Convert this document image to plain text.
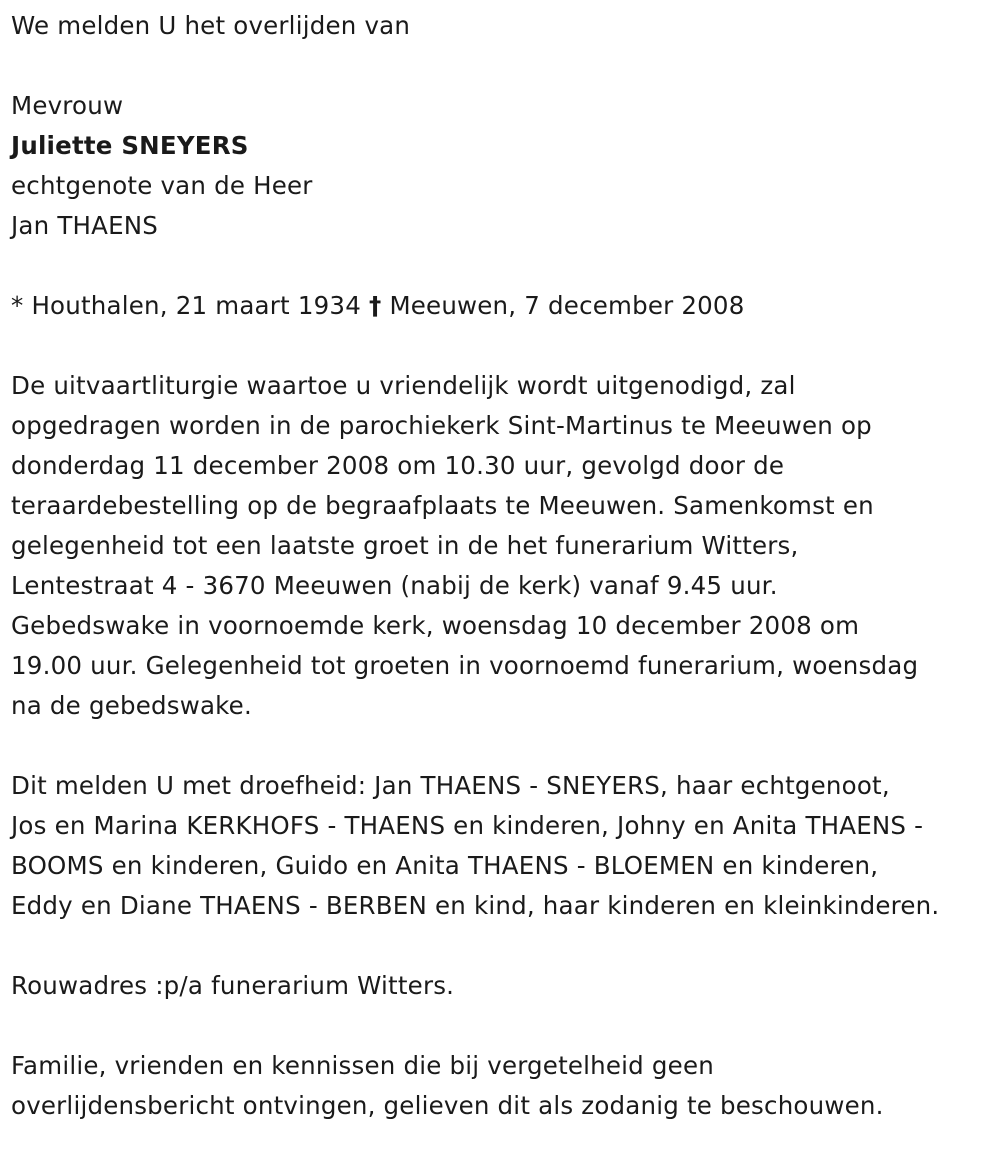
We melden U het overlijden van
Mevrouw
Juliette SNEYERS
echtgenote van de Heer
Jan THAENS
* Houthalen, 21 maart 1934 † Meeuwen, 7 december 2008
De uitvaartliturgie waartoe u vriendelijk wordt uitgenodigd, zal
opgedragen worden in de parochiekerk Sint-Martinus te Meeuwen op
donderdag 11 december 2008 om 10.30 uur, gevolgd door de
teraardebestelling op de begraafplaats te Meeuwen. Samenkomst en
gelegenheid tot een laatste groet in de het funerarium Witters,
Lentestraat 4 - 3670 Meeuwen (nabij de kerk) vanaf 9.45 uur.
Gebedswake in voornoemde kerk, woensdag 10 december 2008 om
19.00 uur. Gelegenheid tot groeten in voornoemd funerarium, woensdag
na de gebedswake.
Dit melden U met droefheid: Jan THAENS - SNEYERS, haar echtgenoot,
Jos en Marina KERKHOFS - THAENS en kinderen, Johny en Anita THAENS -
BOOMS en kinderen, Guido en Anita THAENS - BLOEMEN en kinderen,
Eddy en Diane THAENS - BERBEN en kind, haar kinderen en kleinkinderen.
Rouwadres :p/a funerarium Witters.
Familie, vrienden en kennissen die bij vergetelheid geen
overlijdensbericht ontvingen, gelieven dit als zodanig te beschouwen.
